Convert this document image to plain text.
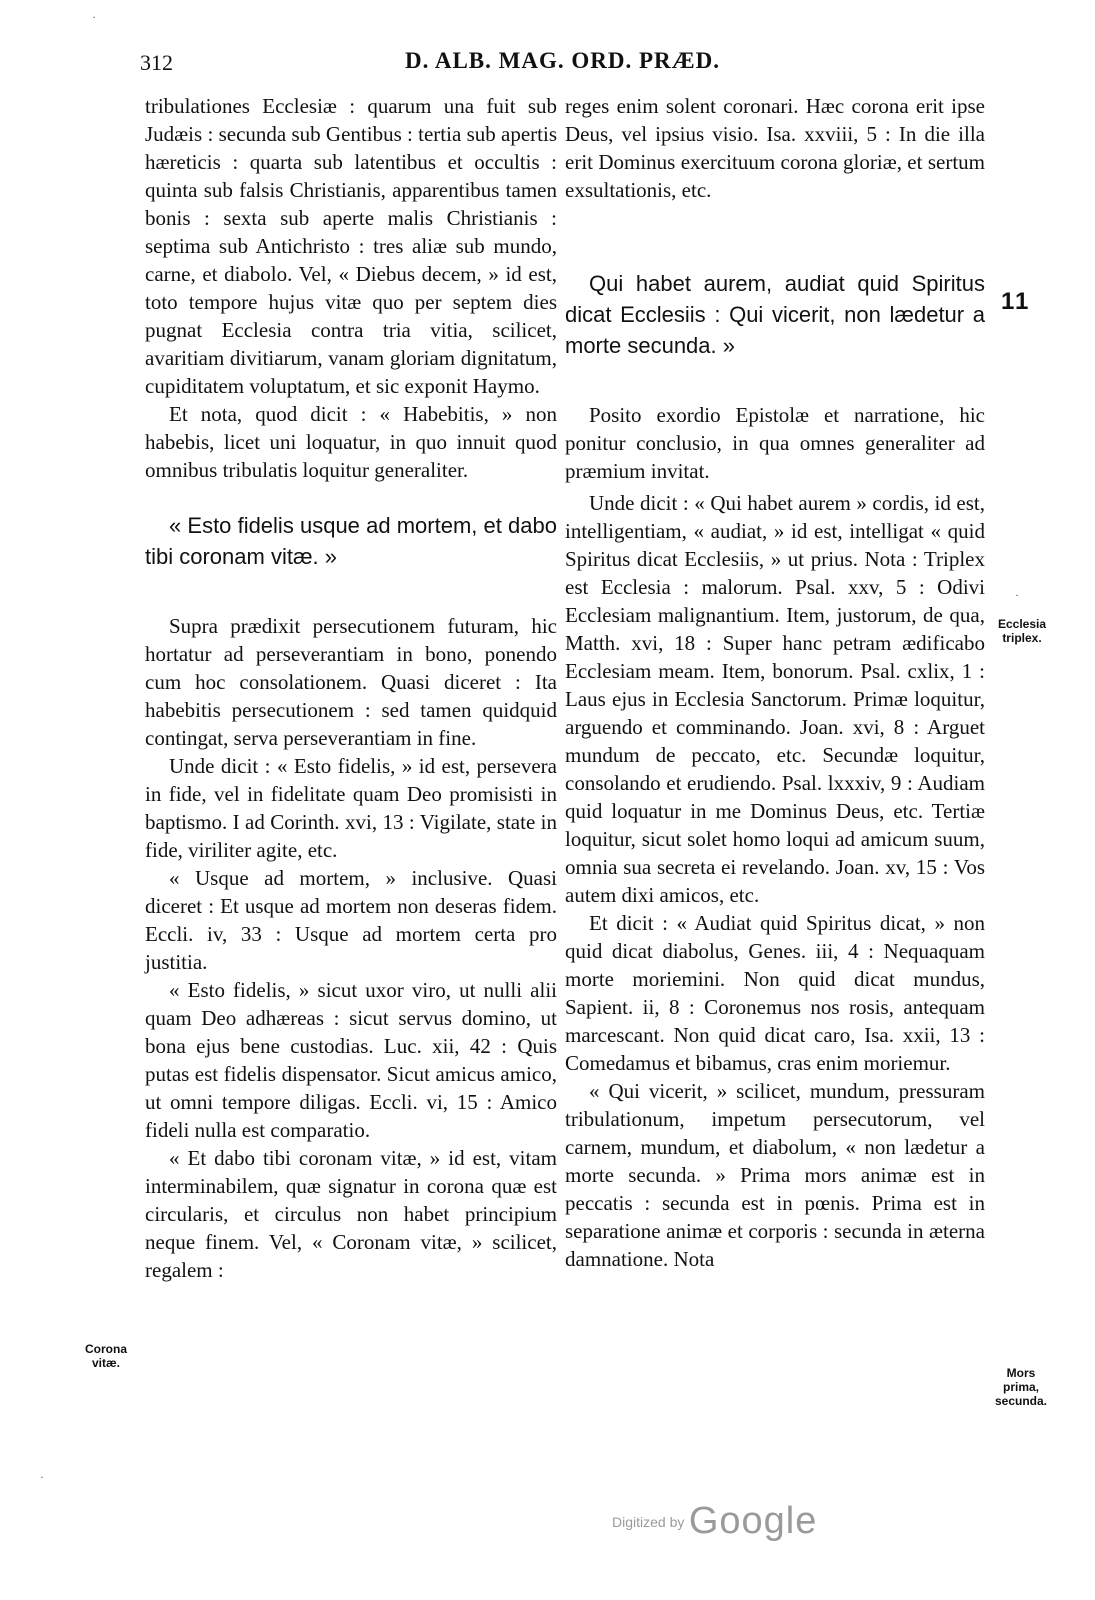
312	D. ALB. MAG. ORD. PRÆD.

tribulationes Ecclesiæ : quarum una fuit sub Judæis : secunda sub Gentibus : tertia sub apertis hæreticis : quarta sub latentibus et occultis : quinta sub falsis Christianis, apparentibus tamen bonis : sexta sub aperte malis Christianis : septima sub Antichristo : tres aliæ sub mundo, carne, et diabolo. Vel, « Diebus decem, » id est, toto tempore hujus vitæ quo per septem dies pugnat Ecclesia contra tria vitia, scilicet, avaritiam divitiarum, vanam gloriam dignitatum, cupiditatem voluptatum, et sic exponit Haymo.

Et nota, quod dicit : « Habebitis, » non habebis, licet uni loquatur, in quo innuit quod omnibus tribulatis loquitur generaliter.

« Esto fidelis usque ad mortem, et dabo tibi coronam vitæ. »

Supra prædixit persecutionem futuram, hic hortatur ad perseverantiam in bono, ponendo cum hoc consolationem. Quasi diceret : Ita habebitis persecutionem : sed tamen quidquid contingat, serva perseverantiam in fine.

Unde dicit : « Esto fidelis, » id est, persevera in fide, vel in fidelitate quam Deo promisisti in baptismo. I ad Corinth. xvi, 13 : Vigilate, state in fide, viriliter agite, etc.

« Usque ad mortem, » inclusive. Quasi diceret : Et usque ad mortem non deseras fidem. Eccli. iv, 33 : Usque ad mortem certa pro justitia.

« Esto fidelis, » sicut uxor viro, ut nulli alii quam Deo adhæreas : sicut servus domino, ut bona ejus bene custodias. Luc. xii, 42 : Quis putas est fidelis dispensator. Sicut amicus amico, ut omni tempore diligas. Eccli. vi, 15 : Amico fideli nulla est comparatio.

« Et dabo tibi coronam vitæ, » id est, vitam interminabilem, quæ signatur in corona quæ est circularis, et circulus non habet principium neque finem. Vel, « Coronam vitæ, » scilicet, regalem :

reges enim solent coronari. Hæc corona erit ipse Deus, vel ipsius visio. Isa. xxviii, 5 : In die illa erit Dominus exercituum corona gloriæ, et sertum exsultationis, etc.

Qui habet aurem, audiat quid Spiritus dicat Ecclesiis : Qui vicerit, non lædetur a morte secunda. »

Posito exordio Epistolæ et narratione, hic ponitur conclusio, in qua omnes generaliter ad præmium invitat.

Unde dicit : « Qui habet aurem » cordis, id est, intelligentiam, « audiat, » id est, intelligat « quid Spiritus dicat Ecclesiis, » ut prius. Nota : Triplex est Ecclesia : malorum. Psal. xxv, 5 : Odivi Ecclesiam malignantium. Item, justorum, de qua, Matth. xvi, 18 : Super hanc petram ædificabo Ecclesiam meam. Item, bonorum. Psal. cxlix, 1 : Laus ejus in Ecclesia Sanctorum. Primæ loquitur, arguendo et comminando. Joan. xvi, 8 : Arguet mundum de peccato, etc. Secundæ loquitur, consolando et erudiendo. Psal. lxxxiv, 9 : Audiam quid loquatur in me Dominus Deus, etc. Tertiæ loquitur, sicut solet homo loqui ad amicum suum, omnia sua secreta ei revelando. Joan. xv, 15 : Vos autem dixi amicos, etc.

Et dicit : « Audiat quid Spiritus dicat, » non quid dicat diabolus, Genes. iii, 4 : Nequaquam morte moriemini. Non quid dicat mundus, Sapient. ii, 8 : Coronemus nos rosis, antequam marcescant. Non quid dicat caro, Isa. xxii, 13 : Comedamus et bibamus, cras enim moriemur.

« Qui vicerit, » scilicet, mundum, pressuram tribulationum, impetum persecutorum, vel carnem, mundum, et diabolum, « non lædetur a morte secunda. » Prima mors animæ est in peccatis : secunda est in pœnis. Prima est in separatione animæ et corporis : secunda in æterna damnatione. Nota

11
Corona vitæ.
Ecclesia triplex.
Mors prima, secunda.
·
·
·
Digitized by Google
